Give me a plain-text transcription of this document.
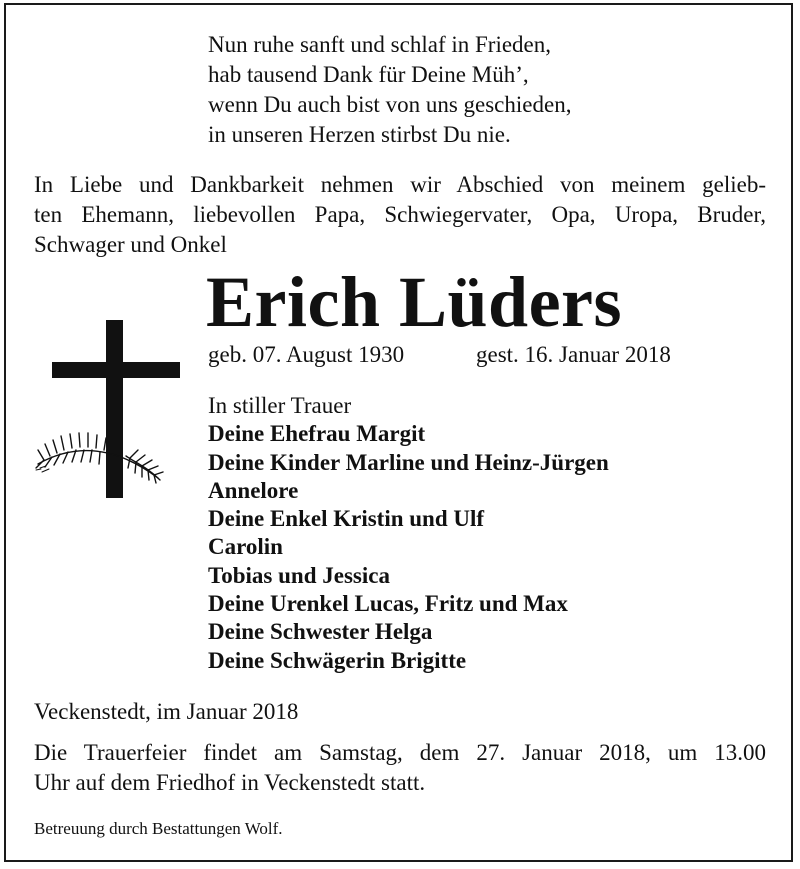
Nun ruhe sanft und schlaf in Frieden,
hab tausend Dank für Deine Müh’,
wenn Du auch bist von uns geschieden,
in unseren Herzen stirbst Du nie.
In Liebe und Dankbarkeit nehmen wir Abschied von meinem gelieb-
ten Ehemann, liebevollen Papa, Schwiegervater, Opa, Uropa, Bruder,
Schwager und Onkel
Erich Lüders
geb. 07. August 1930	gest. 16. Januar 2018
In stiller Trauer
Deine Ehefrau Margit
Deine Kinder Marline und Heinz-Jürgen
Annelore
Deine Enkel Kristin und Ulf
Carolin
Tobias und Jessica
Deine Urenkel Lucas, Fritz und Max
Deine Schwester Helga
Deine Schwägerin Brigitte
Veckenstedt, im Januar 2018
Die Trauerfeier findet am Samstag, dem 27. Januar 2018, um 13.00
Uhr auf dem Friedhof in Veckenstedt statt.
Betreuung durch Bestattungen Wolf.
